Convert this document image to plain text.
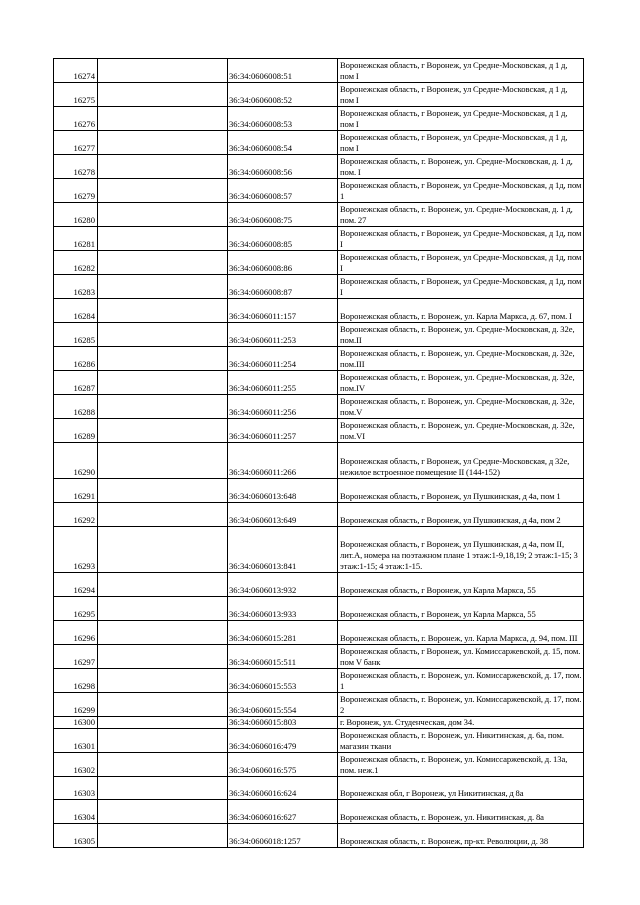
16274		36:34:0606008:51	Воронежская область, г Воронеж, ул Средне-Московская, д 1 д, пом I
16275		36:34:0606008:52	Воронежская область, г Воронеж, ул Средне-Московская, д 1 д, пом I
16276		36:34:0606008:53	Воронежская область, г Воронеж, ул Средне-Московская, д 1 д, пом I
16277		36:34:0606008:54	Воронежская область, г Воронеж, ул Средне-Московская, д 1 д, пом I
16278		36:34:0606008:56	Воронежская область, г. Воронеж, ул. Средне-Московская, д. 1 д, пом. I
16279		36:34:0606008:57	Воронежская область, г Воронеж, ул Средне-Московская, д 1д, пом 1
16280		36:34:0606008:75	Воронежская область, г. Воронеж, ул. Средне-Московская, д. 1 д, пом. 27
16281		36:34:0606008:85	Воронежская область, г Воронеж, ул Средне-Московская, д 1д, пом I
16282		36:34:0606008:86	Воронежская область, г Воронеж, ул Средне-Московская, д 1д, пом I
16283		36:34:0606008:87	Воронежская область, г Воронеж, ул Средне-Московская, д 1д, пом I
16284		36:34:0606011:157	Воронежская область, г. Воронеж, ул. Карла Маркса, д. 67, пом. I
16285		36:34:0606011:253	Воронежская область, г. Воронеж, ул. Средне-Московская, д. 32е, пом.II
16286		36:34:0606011:254	Воронежская область, г. Воронеж, ул. Средне-Московская, д. 32е, пом.III
16287		36:34:0606011:255	Воронежская область, г. Воронеж, ул. Средне-Московская, д. 32е, пом.IV
16288		36:34:0606011:256	Воронежская область, г. Воронеж, ул. Средне-Московская, д. 32е, пом.V
16289		36:34:0606011:257	Воронежская область, г. Воронеж, ул. Средне-Московская, д. 32е, пом.VI
16290		36:34:0606011:266	Воронежская область, г Воронеж, ул Средне-Московская, д 32е, нежилое встроенное помещение II (144-152)
16291		36:34:0606013:648	Воронежская область, г Воронеж, ул Пушкинская, д 4а, пом 1
16292		36:34:0606013:649	Воронежская область, г Воронеж, ул Пушкинская, д 4а, пом 2
16293		36:34:0606013:841	Воронежская область, г Воронеж, ул Пушкинская, д 4а, пом II, лит.А, номера на поэтажном плане 1 этаж:1-9,18,19; 2 этаж:1-15; 3 этаж:1-15; 4 этаж:1-15.
16294		36:34:0606013:932	Воронежская область, г Воронеж, ул Карла Маркса, 55
16295		36:34:0606013:933	Воронежская область, г Воронеж, ул Карла Маркса, 55
16296		36:34:0606015:281	Воронежская область, г. Воронеж, ул. Карла Маркса, д. 94, пом. III
16297		36:34:0606015:511	Воронежская область, г Воронеж, ул. Комиссаржевской, д. 15, пом. пом V банк
16298		36:34:0606015:553	Воронежская область, г. Воронеж, ул. Комиссаржевской, д. 17, пом. 1
16299		36:34:0606015:554	Воронежская область, г. Воронеж, ул. Комиссаржевской, д. 17, пом. 2
16300		36:34:0606015:803	г. Воронеж, ул. Студенческая, дом 34.
16301		36:34:0606016:479	Воронежская область, г. Воронеж, ул. Никитинская, д. 6а, пом. магазин ткани
16302		36:34:0606016:575	Воронежская область, г. Воронеж, ул. Комиссаржевской, д. 13а, пом. неж.1
16303		36:34:0606016:624	Воронежская обл, г Воронеж, ул Никитинская, д 8а
16304		36:34:0606016:627	Воронежская область, г. Воронеж, ул. Никитинская, д. 8а
16305		36:34:0606018:1257	Воронежская область, г. Воронеж, пр-кт. Революции, д. 38
